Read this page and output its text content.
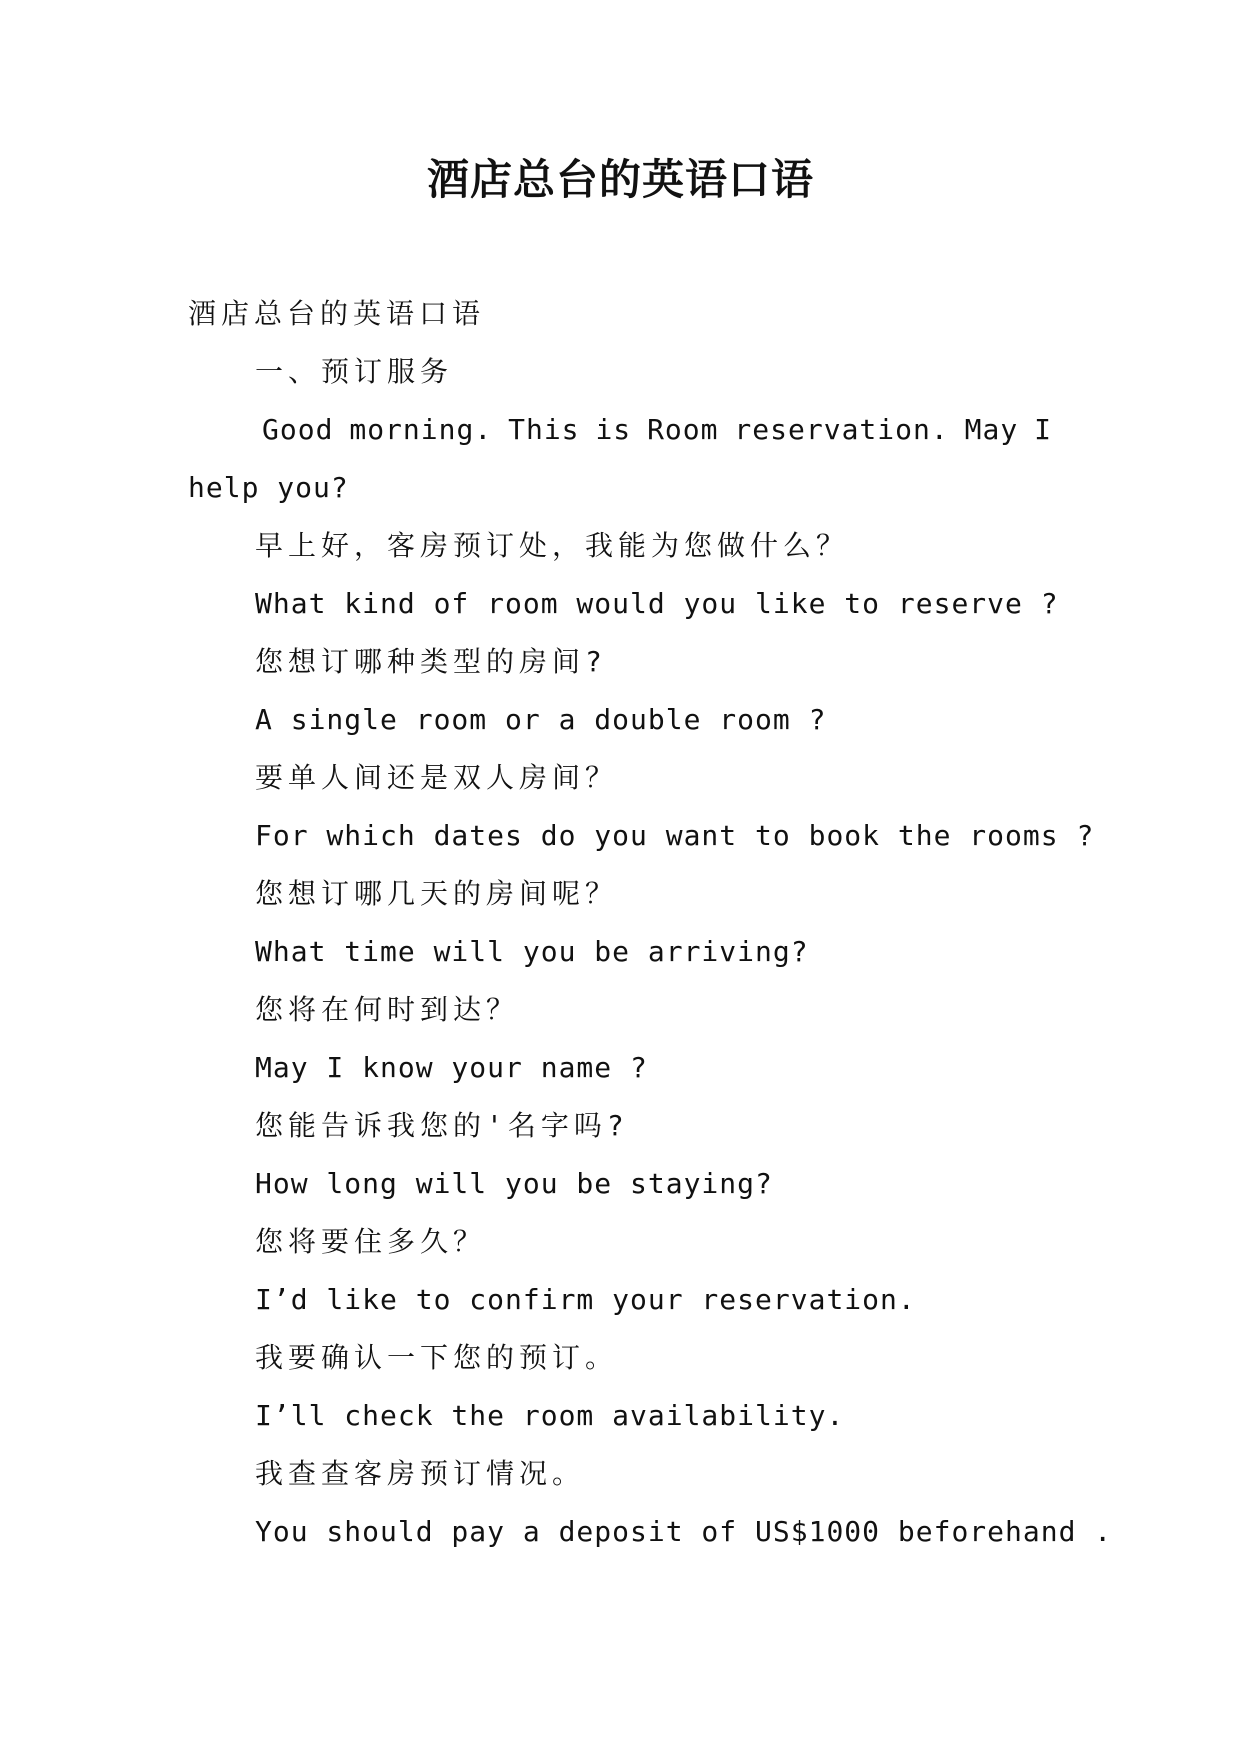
酒店总台的英语口语
酒店总台的英语口语
一、预订服务
Good morning. This is Room reservation. May I
help you?
早上好，客房预订处，我能为您做什么？
What kind of room would you like to reserve ?
您想订哪种类型的房间?
A single room or a double room ?
要单人间还是双人房间？
For which dates do you want to book the rooms ?
您想订哪几天的房间呢？
What time will you be arriving?
您将在何时到达？
May I know your name ?
您能告诉我您的'名字吗?
How long will you be staying?
您将要住多久？
I’d like to confirm your reservation.
我要确认一下您的预订。
I’ll check the room availability.
我查查客房预订情况。
You should pay a deposit of US$1000 beforehand .
